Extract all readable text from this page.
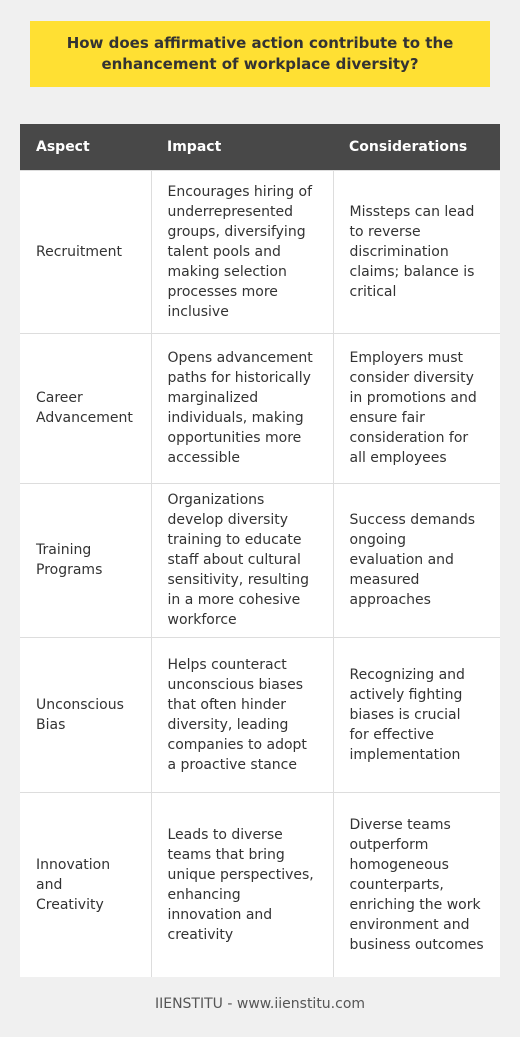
How does affirmative action contribute to the enhancement of workplace diversity?
Aspect	Impact	Considerations
Recruitment	Encourages hiring of underrepresented groups, diversifying talent pools and making selection processes more inclusive	Missteps can lead to reverse discrimination claims; balance is critical
Career Advancement	Opens advancement paths for historically marginalized individuals, making opportunities more accessible	Employers must consider diversity in promotions and ensure fair consideration for all employees
Training Programs	Organizations develop diversity training to educate staff about cultural sensitivity, resulting in a more cohesive workforce	Success demands ongoing evaluation and measured approaches
Unconscious Bias	Helps counteract unconscious biases that often hinder diversity, leading companies to adopt a proactive stance	Recognizing and actively fighting biases is crucial for effective implementation
Innovation and Creativity	Leads to diverse teams that bring unique perspectives, enhancing innovation and creativity	Diverse teams outperform homogeneous counterparts, enriching the work environment and business outcomes
IIENSTITU - www.iienstitu.com
